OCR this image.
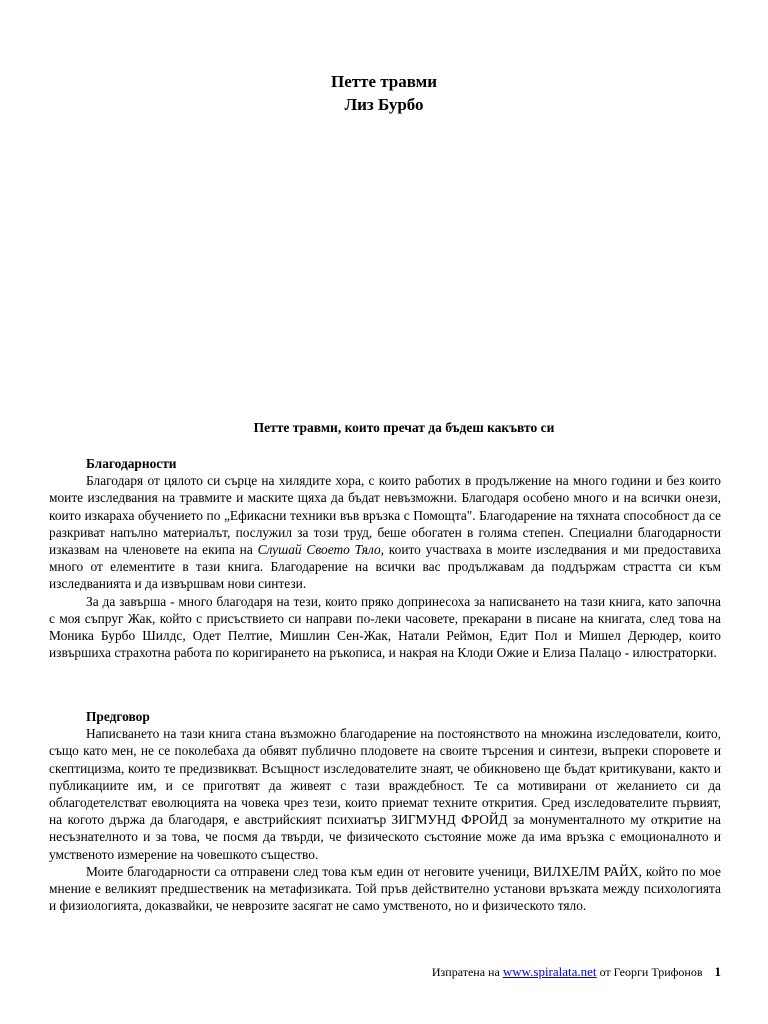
Петте травми
Лиз Бурбо
Петте травми, които пречат да бъдеш какъвто си
Благодарности

Благодаря от цялото си сърце на хилядите хора, с които работих в продължение на много години и без които моите изследвания на травмите и маските щяха да бъдат невъзможни. Благодаря особено много и на всички онези, които изкараха обучението по „Ефикасни техники във връзка с Помощта". Благодарение на тяхната способност да се разкриват напълно материалът, послужил за този труд, беше обогатен в голяма степен. Специални благодарности изказвам на членовете на екипа на Слушай Своето Тяло, които участваха в моите изследвания и ми предоставиха много от елементите в тази книга. Благодарение на всички вас продължавам да поддържам страстта си към изследванията и да извършвам нови синтези.

За да завърша - много благодаря на тези, които пряко допринесоха за написването на тази книга, като започна с моя съпруг Жак, който с присъствието си направи по-леки часовете, прекарани в писане на книгата, след това на Моника Бурбо Шилдс, Одет Пелтие, Мишлин Сен-Жак, Натали Реймон, Едит Пол и Мишел Дерюдер, които извършиха страхотна работа по коригирането на ръкописа, и накрая на Клоди Ожие и Елиза Палацо - илюстраторки.

Предговор

Написването на тази книга стана възможно благодарение на постоянството на множина изследователи, които, също като мен, не се поколебаха да обявят публично плодовете на своите търсения и синтези, въпреки споровете и скептицизма, които те предизвикват. Всъщност изследователите знаят, че обикновено ще бъдат критикувани, както и публикациите им, и се приготвят да живеят с тази враждебност. Те са мотивирани от желанието си да облагодетелстват еволюцията на човека чрез тези, които приемат техните открития. Сред изследователите първият, на когото държа да благодаря, е австрийският психиатър ЗИГМУНД ФРОЙД за монументалното му откритие на несъзнателното и за това, че посмя да твърди, че физическото състояние може да има връзка с емоционалното и умственото измерение на човешкото същество.

Моите благодарности са отправени след това към един от неговите ученици, ВИЛХЕЛМ РАЙХ, който по мое мнение е великият предшественик на метафизиката. Той пръв действително установи връзката между психологията и физиологията, доказвайки, че неврозите засягат не само умственото, но и физическото тяло.

Изпратена на www.spiralata.net от Георги Трифонов 1
